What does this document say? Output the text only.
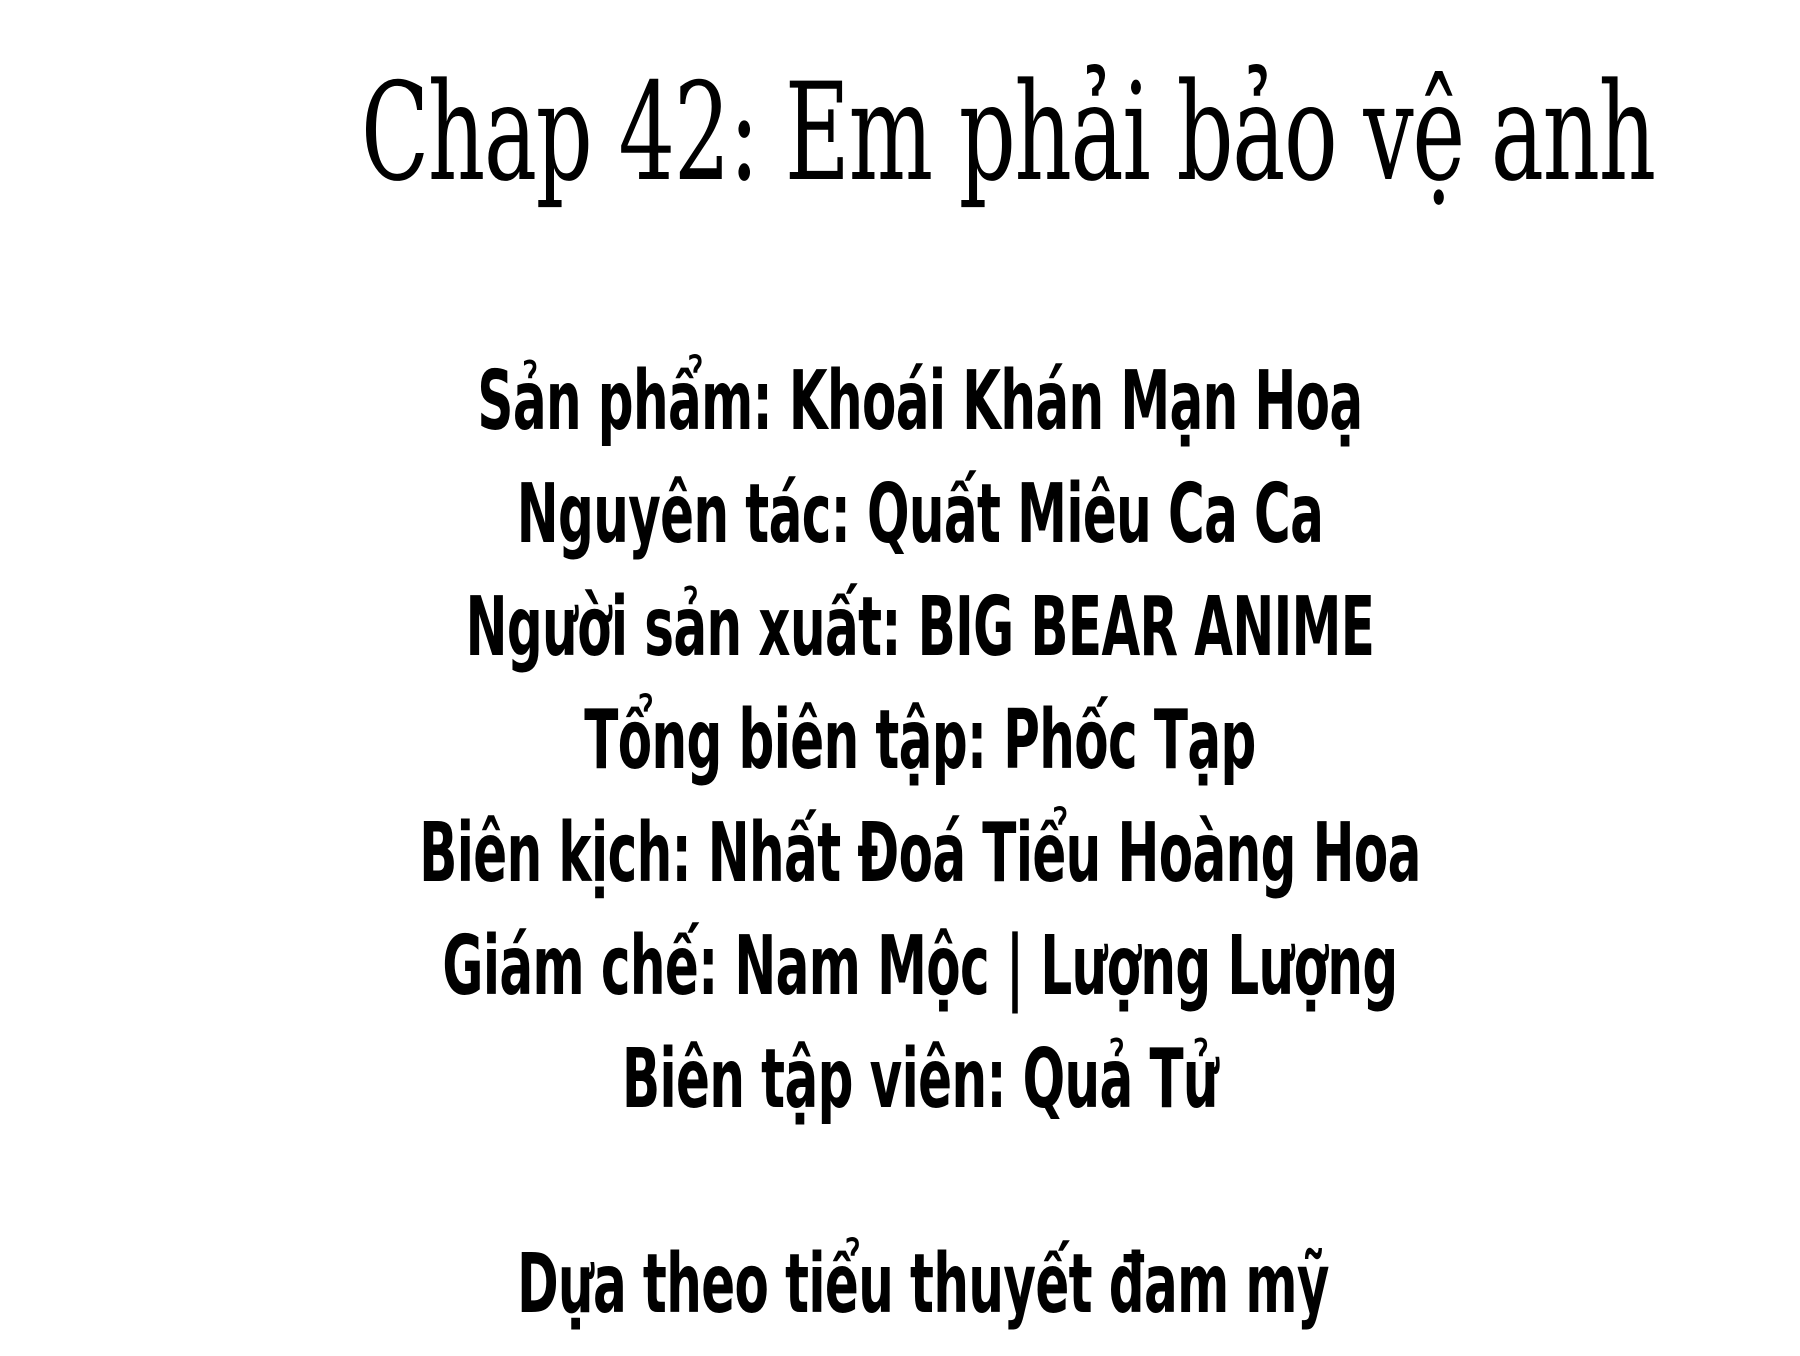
Chap 42: Em phải bảo vệ anh
Sản phẩm: Khoái Khán Mạn Hoạ
Nguyên tác: Quất Miêu Ca Ca
Người sản xuất: BIG BEAR ANIME
Tổng biên tập: Phốc Tạp
Biên kịch: Nhất Đoá Tiểu Hoàng Hoa
Giám chế: Nam Mộc | Lượng Lượng
Biên tập viên: Quả Tử
Dựa theo tiểu thuyết đam mỹ
